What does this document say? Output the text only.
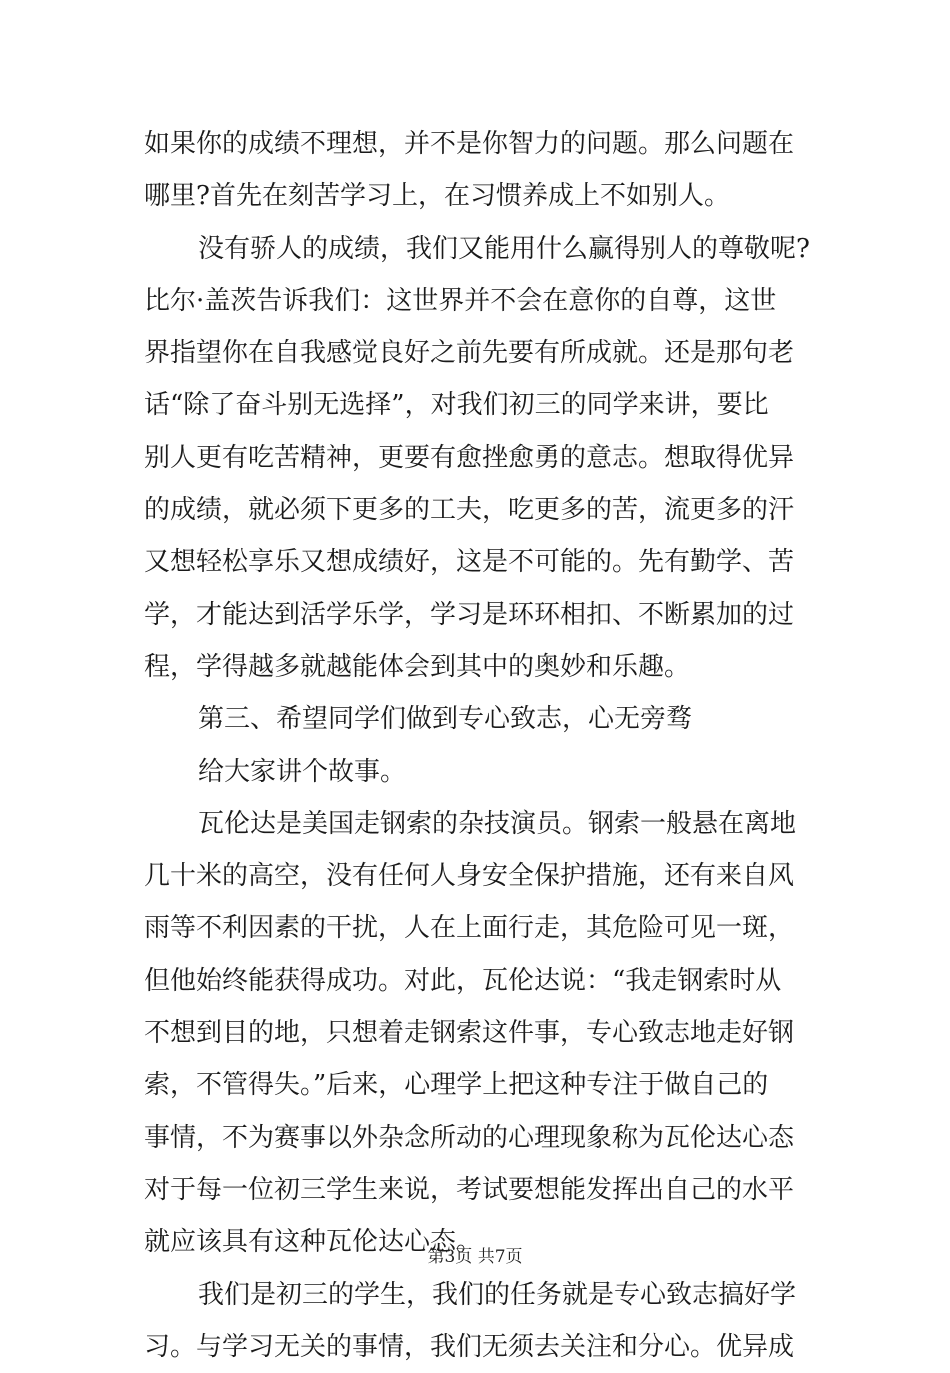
如果你的成绩不理想，并不是你智力的问题。那么问题在
哪里?首先在刻苦学习上，在习惯养成上不如别人。
没有骄人的成绩，我们又能用什么赢得别人的尊敬呢?
比尔·盖茨告诉我们：这世界并不会在意你的自尊，这世
界指望你在自我感觉良好之前先要有所成就。还是那句老
话“除了奋斗别无选择”，对我们初三的同学来讲，要比
别人更有吃苦精神，更要有愈挫愈勇的意志。想取得优异
的成绩，就必须下更多的工夫，吃更多的苦，流更多的汗
又想轻松享乐又想成绩好，这是不可能的。先有勤学、苦
学，才能达到活学乐学，学习是环环相扣、不断累加的过
程，学得越多就越能体会到其中的奥妙和乐趣。
第三、希望同学们做到专心致志，心无旁骛
给大家讲个故事。
瓦伦达是美国走钢索的杂技演员。钢索一般悬在离地
几十米的高空，没有任何人身安全保护措施，还有来自风
雨等不利因素的干扰，人在上面行走，其危险可见一斑，
但他始终能获得成功。对此，瓦伦达说：“我走钢索时从
不想到目的地，只想着走钢索这件事，专心致志地走好钢
索，不管得失。”后来，心理学上把这种专注于做自己的
事情，不为赛事以外杂念所动的心理现象称为瓦伦达心态
对于每一位初三学生来说，考试要想能发挥出自己的水平
就应该具有这种瓦伦达心态。
我们是初三的学生，我们的任务就是专心致志搞好学
习。与学习无关的事情，我们无须去关注和分心。优异成
第3页 共7页
